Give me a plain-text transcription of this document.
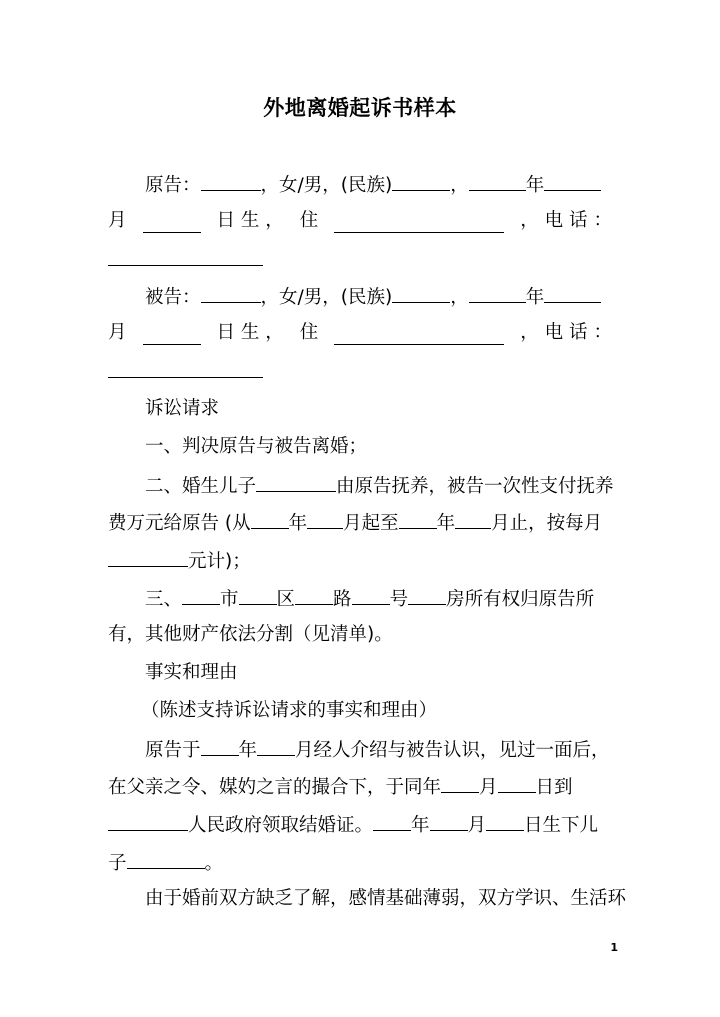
外地离婚起诉书样本
原告：	，女/男，(民族)	，	年
月	日 生 ， 住	， 电 话 ：
被告：	，女/男，(民族)	，	年
月	日 生 ， 住	， 电 话 ：
诉讼请求
一、判决原告与被告离婚；
二、婚生儿子	由原告抚养，被告一次性支付抚养
费万元给原告 (从 年 月起至 年 月止，按每月
元计)；
三、 市 区 路 号 房所有权归原告所
有，其他财产依法分割（见清单)。
事实和理由
（陈述支持诉讼请求的事实和理由）
原告于 年 月经人介绍与被告认识，见过一面后，
在父亲之令、媒妁之言的撮合下，于同年 月 日到
人民政府领取结婚证。 年 月 日生下儿
子	。
由于婚前双方缺乏了解，感情基础薄弱，双方学识、生活环
1
